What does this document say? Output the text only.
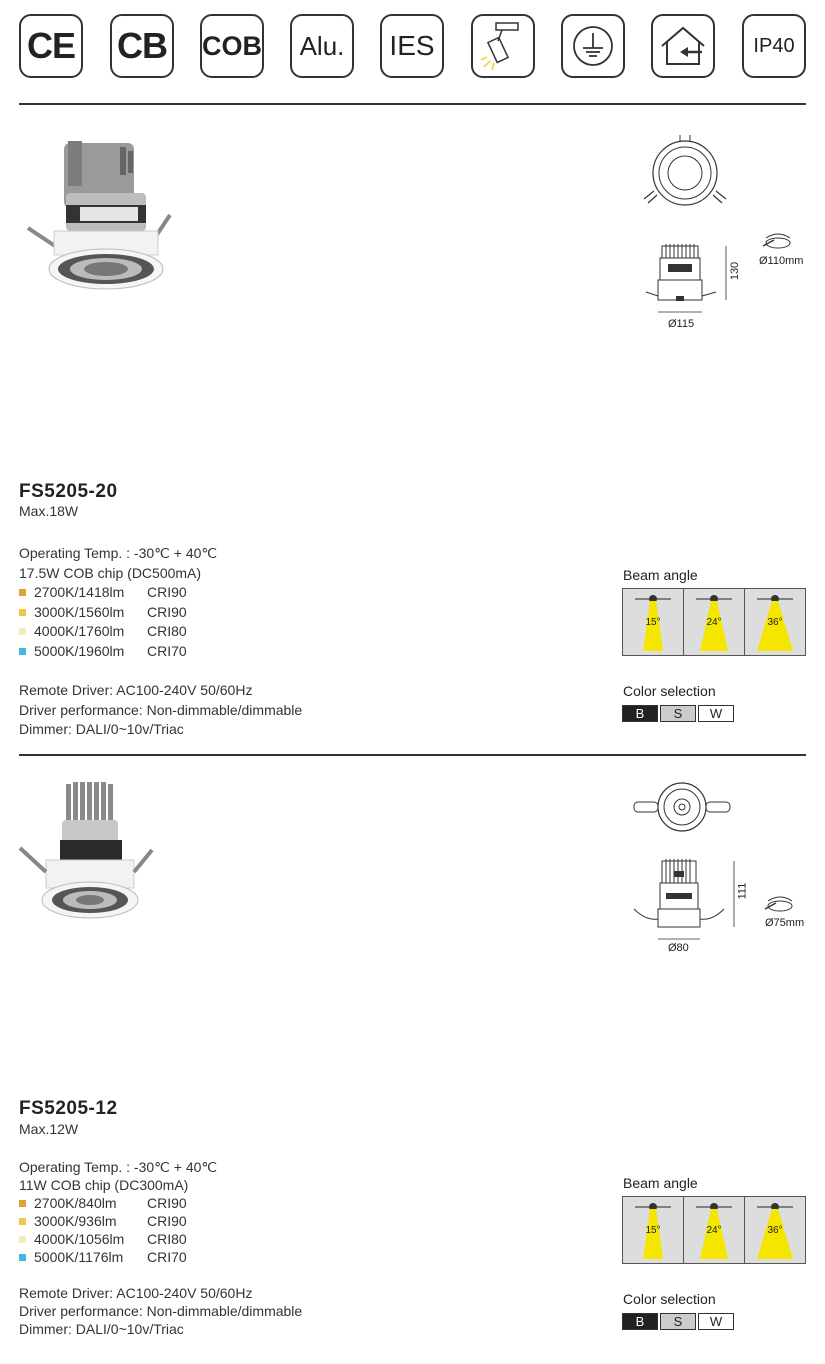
CE CB COB	Alu.	IES	IP40
130
Ø115
Ø110mm
FS5205-20
Max.18W
Operating Temp. : -30℃ + 40℃
17.5W COB chip (DC500mA)
2700K/1418lm	CRI90
3000K/1560lm	CRI90
4000K/1760lm	CRI80
5000K/1960lm	CRI70
Remote Driver: AC100-240V 50/60Hz
Driver performance: Non-dimmable/dimmable
Dimmer: DALI/0~10v/Triac
Beam angle
15°	24°	36°
Color selection
B	S	W
111
Ø80
Ø75mm
FS5205-12
Max.12W
Operating Temp. : -30℃ + 40℃
11W COB chip (DC300mA)
2700K/840lm	CRI90
3000K/936lm	CRI90
4000K/1056lm	CRI80
5000K/1176lm	CRI70
Remote Driver: AC100-240V 50/60Hz
Driver performance: Non-dimmable/dimmable
Dimmer: DALI/0~10v/Triac
Beam angle
15°	24°	36°
Color selection
B	S	W
